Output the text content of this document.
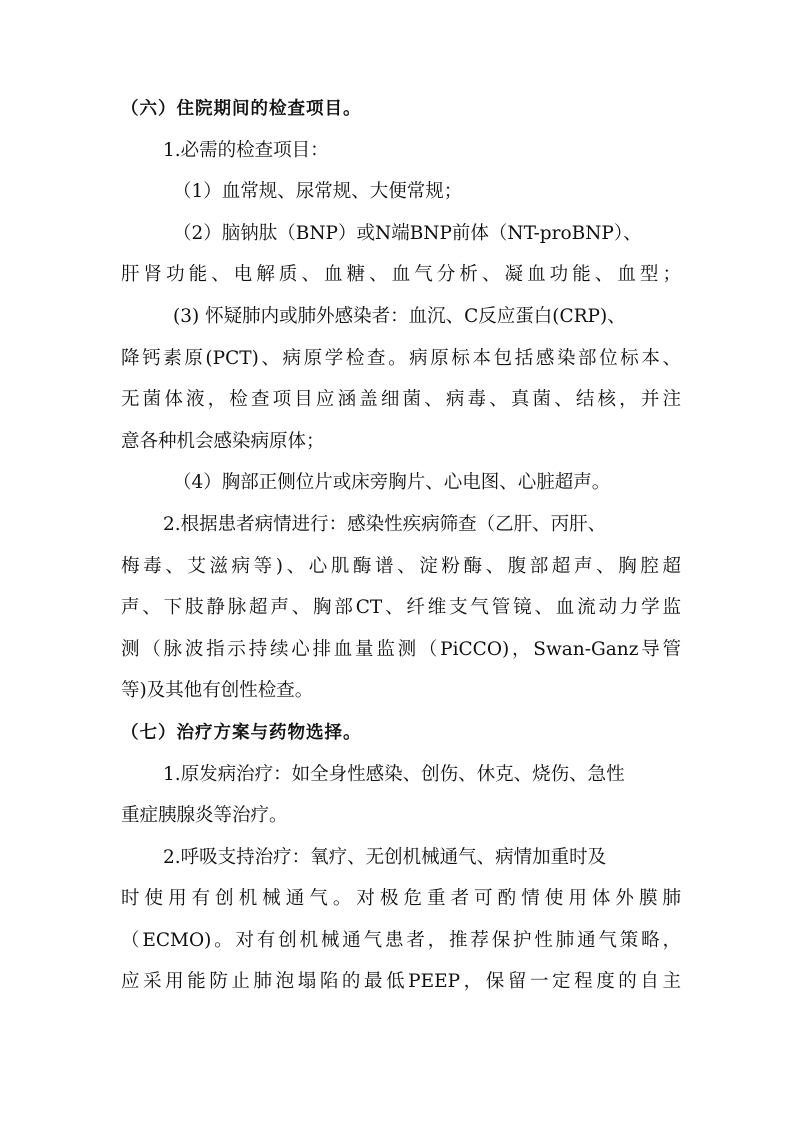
（六）住院期间的检查项目。
1.必需的检查项目：
（1）血常规、尿常规、大便常规；
（2）脑钠肽（BNP）或N端BNP前体（NT-proBNP）、
肝肾功能、电解质、血糖、血气分析、凝血功能、血型；
(3) 怀疑肺内或肺外感染者：血沉、C反应蛋白(CRP)、
降钙素原(PCT)、病原学检查。病原标本包括感染部位标本、
无菌体液，检查项目应涵盖细菌、病毒、真菌、结核，并注
意各种机会感染病原体；
（4）胸部正侧位片或床旁胸片、心电图、心脏超声。
2.根据患者病情进行：感染性疾病筛查（乙肝、丙肝、
梅毒、艾滋病等)、心肌酶谱、淀粉酶、腹部超声、胸腔超
声、下肢静脉超声、胸部CT、纤维支气管镜、血流动力学监
测（脉波指示持续心排血量监测（PiCCO)，Swan-Ganz导管
等)及其他有创性检查。
（七）治疗方案与药物选择。
1.原发病治疗：如全身性感染、创伤、休克、烧伤、急性
重症胰腺炎等治疗。
2.呼吸支持治疗：氧疗、无创机械通气、病情加重时及
时使用有创机械通气。对极危重者可酌情使用体外膜肺
（ECMO)。对有创机械通气患者，推荐保护性肺通气策略，
应采用能防止肺泡塌陷的最低PEEP，保留一定程度的自主
